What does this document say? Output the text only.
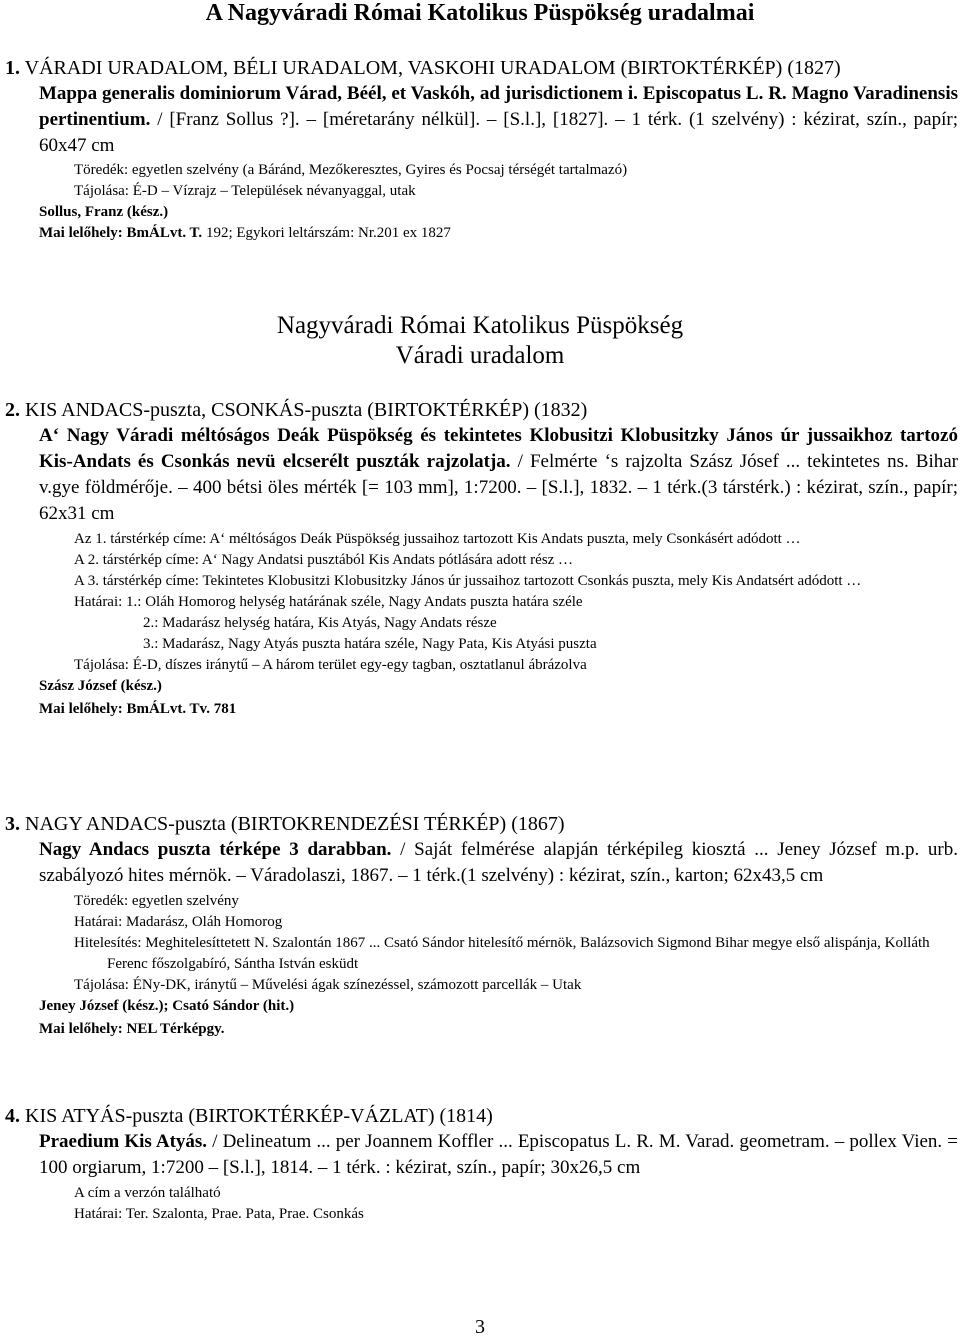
A Nagyváradi Római Katolikus Püspökség uradalmai
1. VÁRADI URADALOM, BÉLI URADALOM, VASKOHI URADALOM (BIRTOKTÉRKÉP) (1827)
Mappa generalis dominiorum Várad, Béél, et Vaskóh, ad jurisdictionem i. Episcopatus L. R. Magno Varadinensis pertinentium. / [Franz Sollus ?]. – [méretarány nélkül]. – [S.l.], [1827]. – 1 térk. (1 szelvény) : kézirat, szín., papír; 60x47 cm
Töredék: egyetlen szelvény (a Báránd, Mezőkeresztes, Gyires és Pocsaj térségét tartalmazó)
Tájolása: É-D – Vízrajz – Települések névanyaggal, utak
Sollus, Franz (kész.)
Mai lelőhely: BmÁLvt. T. 192; Egykori leltárszám: Nr.201 ex 1827
Nagyváradi Római Katolikus Püspökség
Váradi uradalom
2. KIS ANDACS-puszta, CSONKÁS-puszta (BIRTOKTÉRKÉP) (1832)
A‘ Nagy Váradi méltóságos Deák Püspökség és tekintetes Klobusitzi Klobusitzky János úr jussaikhoz tartozó Kis-Andats és Csonkás nevü elcserélt puszták rajzolatja. / Felmérte ‘s rajzolta Szász Jósef ... tekintetes ns. Bihar v.gye földmérője. – 400 bétsi öles mérték [= 103 mm], 1:7200. – [S.l.], 1832. – 1 térk.(3 társtérk.) : kézirat, szín., papír; 62x31 cm
Az 1. társtérkép címe: A‘ méltóságos Deák Püspökség jussaihoz tartozott Kis Andats puszta, mely Csonkásért adódott …
A 2. társtérkép címe: A‘ Nagy Andatsi pusztából Kis Andats pótlására adott rész …
A 3. társtérkép címe: Tekintetes Klobusitzi Klobusitzky János úr jussaihoz tartozott Csonkás puszta, mely Kis Andatsért adódott …
Határai: 1.: Oláh Homorog helység határának széle, Nagy Andats puszta határa széle
2.: Madarász helység határa, Kis Atyás, Nagy Andats része
3.: Madarász, Nagy Atyás puszta határa széle, Nagy Pata, Kis Atyási puszta
Tájolása: É-D, díszes iránytű – A három terület egy-egy tagban, osztatlanul ábrázolva
Szász József (kész.)
Mai lelőhely: BmÁLvt. Tv. 781
3. NAGY ANDACS-puszta (BIRTOKRENDEZÉSI TÉRKÉP) (1867)
Nagy Andacs puszta térképe 3 darabban. / Saját felmérése alapján térképileg kiosztá ... Jeney József m.p. urb. szabályozó hites mérnök. – Váradolaszi, 1867. – 1 térk.(1 szelvény) : kézirat, szín., karton; 62x43,5 cm
Töredék: egyetlen szelvény
Határai: Madarász, Oláh Homorog
Hitelesítés: Meghitelesíttetett N. Szalontán 1867 ... Csató Sándor hitelesítő mérnök, Balázsovich Sigmond Bihar megye első alispánja, Kolláth Ferenc főszolgabíró, Sántha István esküdt
Tájolása: ÉNy-DK, iránytű – Művelési ágak színezéssel, számozott parcellák – Utak
Jeney József (kész.); Csató Sándor (hit.)
Mai lelőhely: NEL Térképgy.
4. KIS ATYÁS-puszta (BIRTOKTÉRKÉP-VÁZLAT) (1814)
Praedium Kis Atyás. / Delineatum ... per Joannem Koffler ... Episcopatus L. R. M. Varad. geometram. – pollex Vien. = 100 orgiarum, 1:7200 – [S.l.], 1814. – 1 térk. : kézirat, szín., papír; 30x26,5 cm
A cím a verzón található
Határai: Ter. Szalonta, Prae. Pata, Prae. Csonkás
3
